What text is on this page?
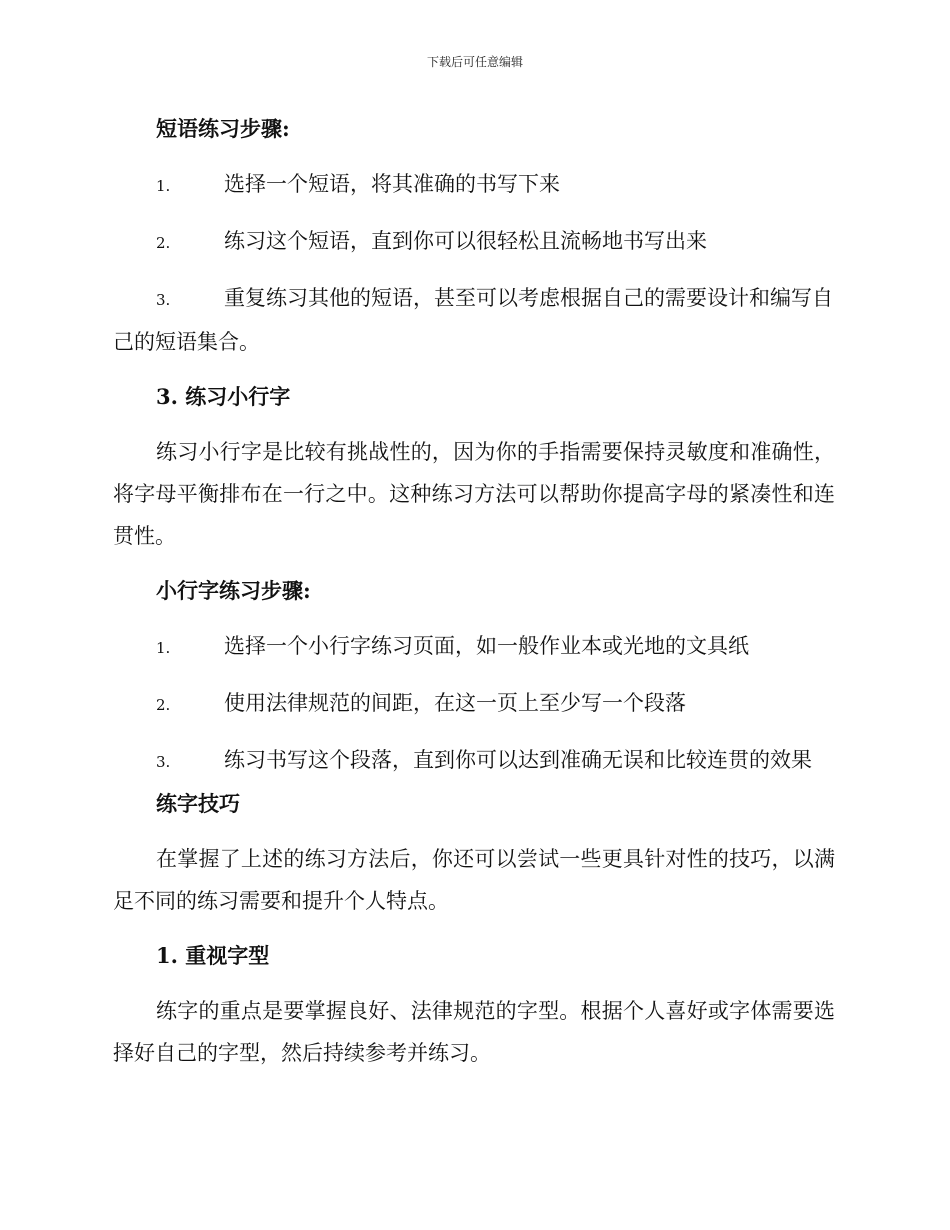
下载后可任意编辑

短语练习步骤:

1.	选择一个短语，将其准确的书写下来

2.	练习这个短语，直到你可以很轻松且流畅地书写出来

3.	重复练习其他的短语，甚至可以考虑根据自己的需要设计和编写自己的短语集合。

3. 练习小行字

练习小行字是比较有挑战性的，因为你的手指需要保持灵敏度和准确性，将字母平衡排布在一行之中。这种练习方法可以帮助你提高字母的紧凑性和连贯性。

小行字练习步骤:

1.	选择一个小行字练习页面，如一般作业本或光地的文具纸

2.	使用法律规范的间距，在这一页上至少写一个段落

3.	练习书写这个段落，直到你可以达到准确无误和比较连贯的效果

练字技巧

在掌握了上述的练习方法后，你还可以尝试一些更具针对性的技巧，以满足不同的练习需要和提升个人特点。

1. 重视字型

练字的重点是要掌握良好、法律规范的字型。根据个人喜好或字体需要选择好自己的字型，然后持续参考并练习。
